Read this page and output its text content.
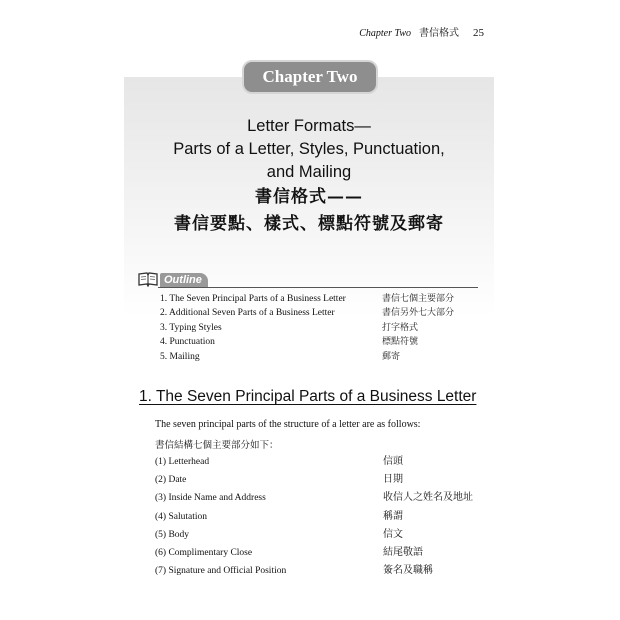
Chapter Two 書信格式 25
Chapter Two
Letter Formats—
Parts of a Letter, Styles, Punctuation,
and Mailing
書信格式——
書信要點、樣式、標點符號及郵寄
Outline
1. The Seven Principal Parts of a Business Letter	書信七個主要部分
2. Additional Seven Parts of a Business Letter	書信另外七大部分
3. Typing Styles	打字格式
4. Punctuation	標點符號
5. Mailing	郵寄
1. The Seven Principal Parts of a Business Letter
The seven principal parts of the structure of a letter are as follows:
書信結構七個主要部分如下：
(1) Letterhead	信頭
(2) Date	日期
(3) Inside Name and Address	收信人之姓名及地址
(4) Salutation	稱謂
(5) Body	信文
(6) Complimentary Close	結尾敬語
(7) Signature and Official Position	簽名及職稱
